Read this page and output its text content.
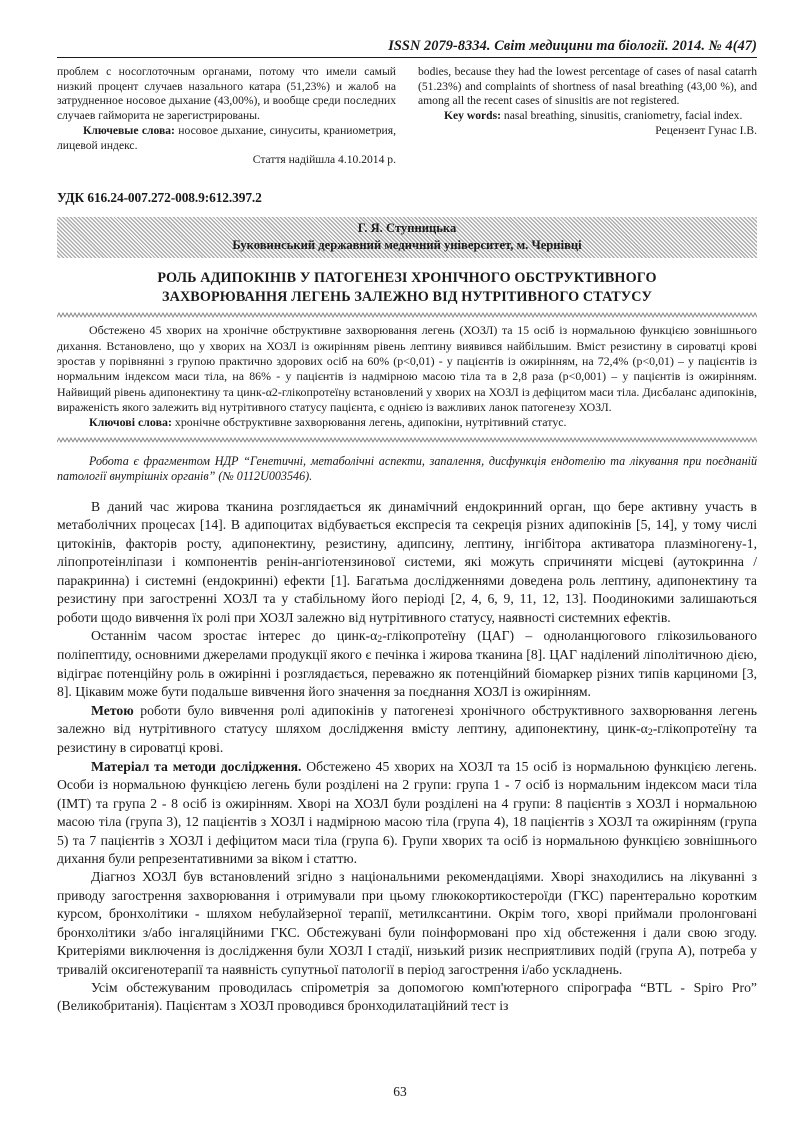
ISSN 2079-8334. Світ медицини та біології. 2014. № 4(47)

проблем с носоглоточным органами, потому что имели самый низкий процент случаев назального катара (51,23%) и жалоб на затрудненное носовое дыхание (43,00%), и вообще среди последних случаев гайморита не зарегистрированы.

Ключевые слова: носовое дыхание, синуситы, краниометрия, лицевой индекс.

Стаття надійшла 4.10.2014 р.

bodies, because they had the lowest percentage of cases of nasal catarrh (51.23%) and complaints of shortness of nasal breathing (43,00 %), and among all the recent cases of sinusitis are not registered.

Key words: nasal breathing, sinusitis, craniometry, facial index.

Рецензент Гунас І.В.

УДК 616.24-007.272-008.9:612.397.2
Г. Я. Ступницька
Буковинський державний медичний університет, м. Чернівці
РОЛЬ АДИПОКІНІВ У ПАТОГЕНЕЗІ ХРОНІЧНОГО ОБСТРУКТИВНОГО
ЗАХВОРЮВАННЯ ЛЕГЕНЬ ЗАЛЕЖНО ВІД НУТРІТИВНОГО СТАТУСУ

Обстежено 45 хворих на хронічне обструктивне захворювання легень (ХОЗЛ) та 15 осіб із нормальною функцією зовнішнього дихання. Встановлено, що у хворих на ХОЗЛ із ожирінням рівень лептину виявився найбільшим. Вміст резистину в сироватці крові зростав у порівнянні з групою практично здорових осіб на 60% (р<0,01) - у пацієнтів із ожирінням, на 72,4% (р<0,01) – у пацієнтів із нормальним індексом маси тіла, на 86% - у пацієнтів із надмірною масою тіла та в 2,8 раза (р<0,001) – у пацієнтів із ожирінням. Найвищий рівень адипонектину та цинк-α2-глікопротеїну встановлений у хворих на ХОЗЛ із дефіцитом маси тіла. Дисбаланс адипокінів, вираженість якого залежить від нутрітивного статусу пацієнта, є однією із важливих ланок патогенезу ХОЗЛ.

Ключові слова: хронічне обструктивне захворювання легень, адипокіни, нутрітивний статус.

Робота є фрагментом НДР “Генетичні, метаболічні аспекти, запалення, дисфункція ендотелію та лікування при поєднаній патології внутрішніх органів” (№ 0112U003546).

В даний час жирова тканина розглядається як динамічний ендокринний орган, що бере активну участь в метаболічних процесах [14]. В адипоцитах відбувається експресія та секреція різних адипокінів [5, 14], у тому числі цитокінів, факторів росту, адипонектину, резистину, адипсину, лептину, інгібітора активатора плазміногену-1, ліпопротеінліпази і компонентів ренін-ангіотензинової системи, які можуть спричиняти місцеві (аутокринна / паракринна) і системні (ендокринні) ефекти [1]. Багатьма дослідженнями доведена роль лептину, адипонектину та резистину при загостренні ХОЗЛ та у стабільному його періоді [2, 4, 6, 9, 11, 12, 13]. Поодинокими залишаються роботи щодо вивчення їх ролі при ХОЗЛ залежно від нутрітивного статусу, наявності системних ефектів.

Останнім часом зростає інтерес до цинк-$\alpha_2$-глікопротеїну (ЦАГ) – одноланцюгового глікозильованого поліпептиду, основними джерелами продукції якого є печінка і жирова тканина [8]. ЦАГ наділений ліполітичною дією, відіграє потенційну роль в ожирінні і розглядається, переважно як потенційний біомаркер різних типів карциноми [3, 8]. Цікавим може бути подальше вивчення його значення за поєднання ХОЗЛ із ожирінням.

Метою роботи було вивчення ролі адипокінів у патогенезі хронічного обструктивного захворювання легень залежно від нутрітивного статусу шляхом дослідження вмісту лептину, адипонектину, цинк-$\alpha_2$-глікопротеїну та резистину в сироватці крові.

Матеріал та методи дослідження. Обстежено 45 хворих на ХОЗЛ та 15 осіб із нормальною функцією легень. Особи із нормальною функцією легень були розділені на 2 групи: група 1 - 7 осіб із нормальним індексом маси тіла (ІМТ) та група 2 - 8 осіб із ожирінням. Хворі на ХОЗЛ були розділені на 4 групи: 8 пацієнтів з ХОЗЛ і нормальною масою тіла (група 3), 12 пацієнтів з ХОЗЛ і надмірною масою тіла (група 4), 18 пацієнтів з ХОЗЛ та ожирінням (група 5) та 7 пацієнтів з ХОЗЛ і дефіцитом маси тіла (група 6). Групи хворих та осіб із нормальною функцією зовнішнього дихання були репрезентативними за віком і статтю.

Діагноз ХОЗЛ був встановлений згідно з національними рекомендаціями. Хворі знаходились на лікуванні з приводу загострення захворювання і отримували при цьому глюкокортикостероїди (ГКС) парентерально коротким курсом, бронхолітики - шляхом небулайзерної терапії, метилксантини. Окрім того, хворі приймали пролонговані бронхолітики з/або інгаляційними ГКС. Обстежувані були поінформовані про хід обстеження і дали свою згоду. Критеріями виключення із дослідження були ХОЗЛ І стадії, низький ризик несприятливих подій (група А), потреба у тривалій оксигенотерапії та наявність супутньої патології в період загострення і/або ускладнень.

Усім обстежуваним проводилась спірометрія за допомогою комп'ютерного спірографа “BTL - Spiro Pro” (Великобританія). Пацієнтам з ХОЗЛ проводився бронходилатаційний тест із

63
